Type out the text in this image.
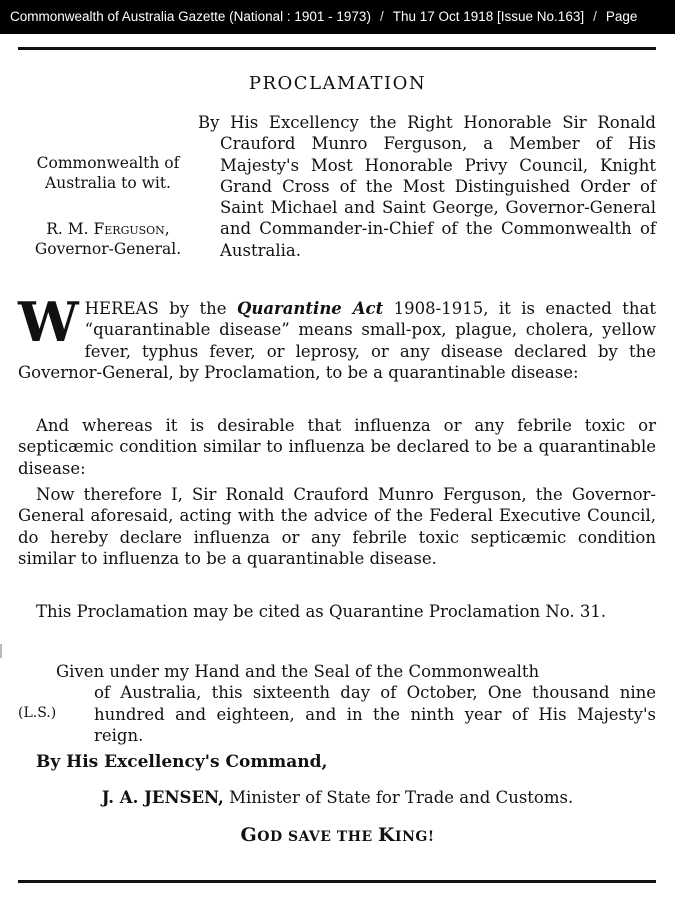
Commonwealth of Australia Gazette (National : 1901 - 1973) / Thu 17 Oct 1918 [Issue No.163] / Page
PROCLAMATION
Commonwealth of
Australia to wit.
R. M. Ferguson,
Governor-General.
By His Excellency the Right Honorable Sir Ronald Crauford Munro Ferguson, a Member of His Majesty's Most Honorable Privy Council, Knight Grand Cross of the Most Distinguished Order of Saint Michael and Saint George, Governor-General and Commander-in-Chief of the Commonwealth of Australia.
WHEREAS by the Quarantine Act 1908-1915, it is enacted that “quarantinable disease” means small-pox, plague, cholera, yellow fever, typhus fever, or leprosy, or any disease declared by the Governor-General, by Proclamation, to be a quarantinable disease:
And whereas it is desirable that influenza or any febrile toxic or septicæmic condition similar to influenza be declared to be a quarantinable disease:
Now therefore I, Sir Ronald Crauford Munro Ferguson, the Governor-General aforesaid, acting with the advice of the Federal Executive Council, do hereby declare influenza or any febrile toxic septicæmic condition similar to influenza to be a quarantinable disease.
This Proclamation may be cited as Quarantine Proclamation No. 31.
Given under my Hand and the Seal of the Commonwealth
of Australia, this sixteenth day of October, One thousand nine hundred and eighteen, and in the ninth year of His Majesty's reign.
(L.S.)
By His Excellency's Command,
J. A. JENSEN, Minister of State for Trade and Customs.
GOD SAVE THE KING!
